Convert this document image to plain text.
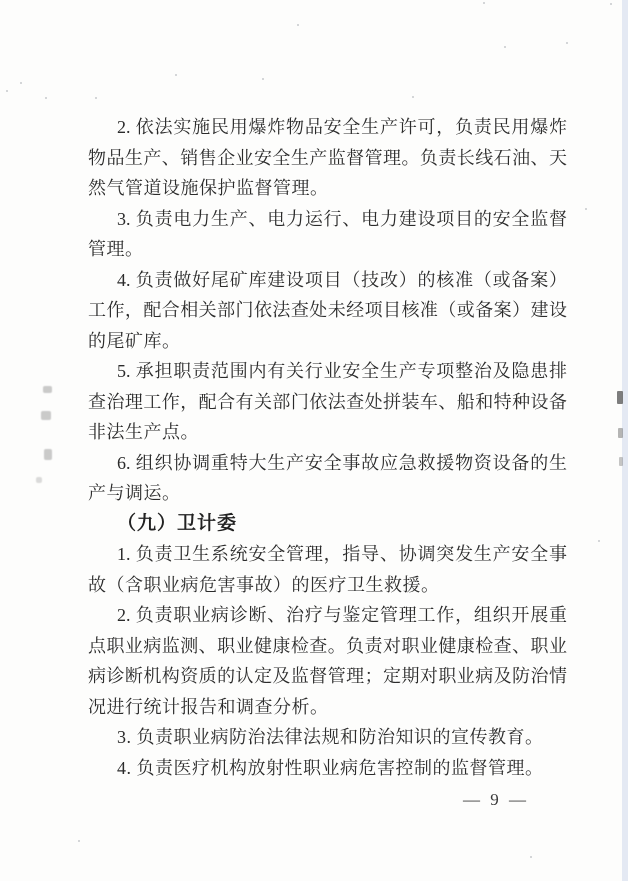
2. 依法实施民用爆炸物品安全生产许可，负责民用爆炸
物品生产、销售企业安全生产监督管理。负责长线石油、天
然气管道设施保护监督管理。
3. 负责电力生产、电力运行、电力建设项目的安全监督
管理。
4. 负责做好尾矿库建设项目（技改）的核准（或备案）
工作，配合相关部门依法查处未经项目核准（或备案）建设
的尾矿库。
5. 承担职责范围内有关行业安全生产专项整治及隐患排
查治理工作，配合有关部门依法查处拼装车、船和特种设备
非法生产点。
6. 组织协调重特大生产安全事故应急救援物资设备的生
产与调运。
（九）卫计委
1. 负责卫生系统安全管理，指导、协调突发生产安全事
故（含职业病危害事故）的医疗卫生救援。
2. 负责职业病诊断、治疗与鉴定管理工作，组织开展重
点职业病监测、职业健康检查。负责对职业健康检查、职业
病诊断机构资质的认定及监督管理；定期对职业病及防治情
况进行统计报告和调查分析。
3. 负责职业病防治法律法规和防治知识的宣传教育。
4. 负责医疗机构放射性职业病危害控制的监督管理。
— 9 —
